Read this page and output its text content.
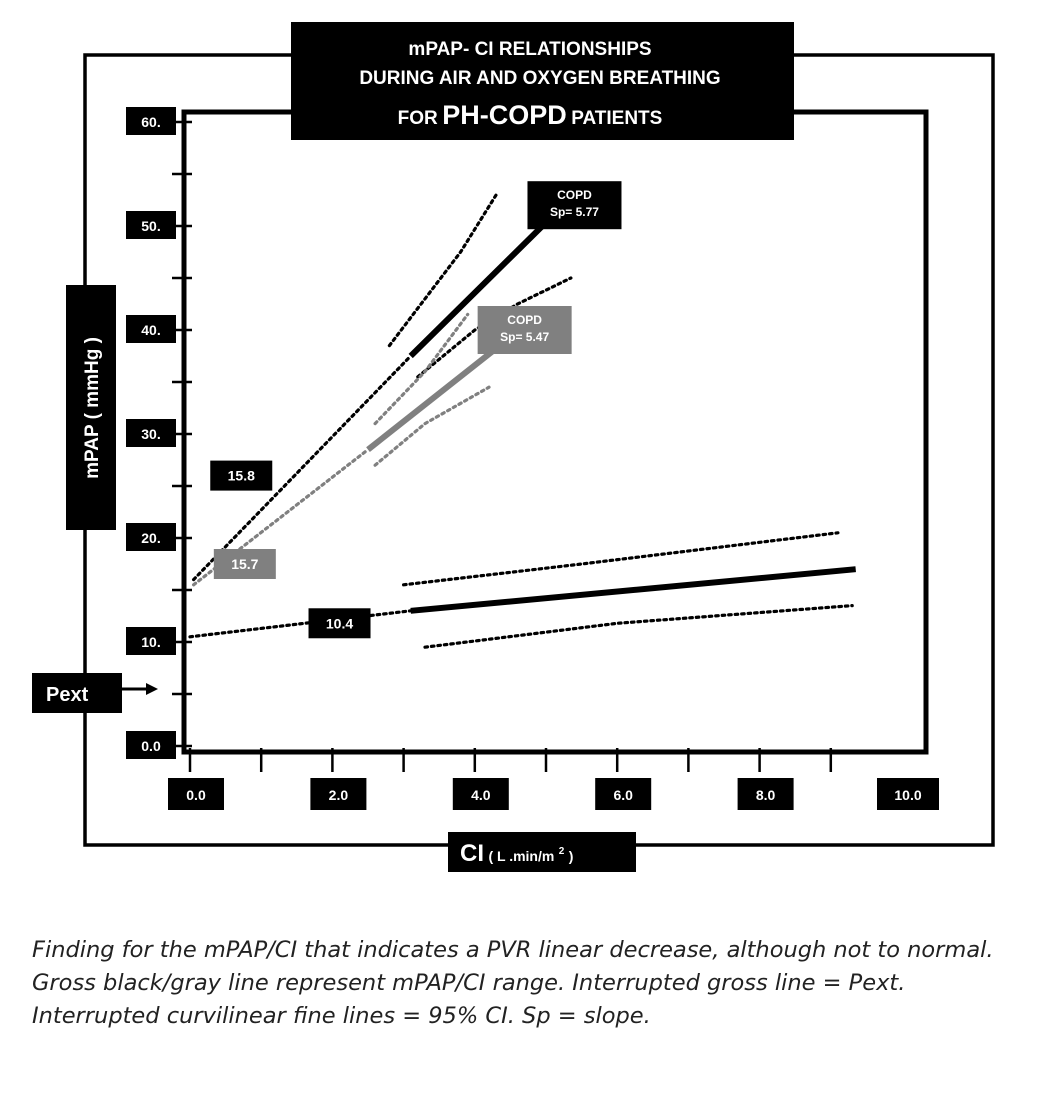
0.0
10.
20.
30.
40.
50.
60.
0.0	2.0	4.0	6.0	8.0	10.0
COPD
Sp= 5.77
COPD
Sp= 5.47
15.8
15.7
10.4
Pext
mPAP- CI RELATIONSHIPS
DURING AIR AND OXYGEN BREATHING
FOR PH-COPD PATIENTS
mPAP ( mmHg )
CI ( L .min/m $^2$ )

Finding for the mPAP/CI that indicates a PVR linear decrease, although not to normal. Gross black/gray line represent mPAP/CI range. Interrupted gross line = Pext. Interrupted curvilinear fine lines = 95% CI. Sp = slope.
